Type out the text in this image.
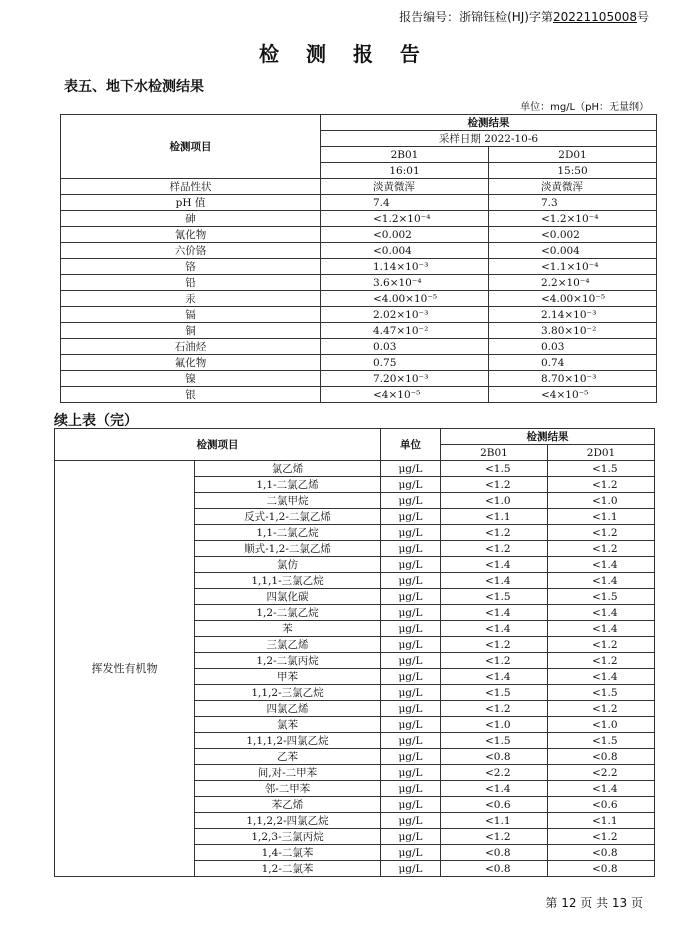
报告编号：浙锦钰检(HJ)字第20221105008号
检 测 报 告
表五、地下水检测结果
单位：mg/L（pH：无量纲）
检测项目	检测结果	
	采样日期 2022-10-6	
	2B01	2D01
	16:01	15:50
样品性状	淡黄微浑	淡黄微浑
pH 值	7.4	7.3
砷	<1.2×10⁻⁴	<1.2×10⁻⁴
氰化物	<0.002	<0.002
六价铬	<0.004	<0.004
铬	1.14×10⁻³	<1.1×10⁻⁴
铅	3.6×10⁻⁴	2.2×10⁻⁴
汞	<4.00×10⁻⁵	<4.00×10⁻⁵
镉	2.02×10⁻³	2.14×10⁻³
铜	4.47×10⁻²	3.80×10⁻²
石油烃	0.03	0.03
氟化物	0.75	0.74
镍	7.20×10⁻³	8.70×10⁻³
银	<4×10⁻⁵	<4×10⁻⁵
续上表（完）
检测项目		单位	检测结果	
			2B01	2D01
挥发性有机物	氯乙烯	μg/L	<1.5	<1.5
	1,1-二氯乙烯	μg/L	<1.2	<1.2
	二氯甲烷	μg/L	<1.0	<1.0
	反式-1,2-二氯乙烯	μg/L	<1.1	<1.1
	1,1-二氯乙烷	μg/L	<1.2	<1.2
	顺式-1,2-二氯乙烯	μg/L	<1.2	<1.2
	氯仿	μg/L	<1.4	<1.4
	1,1,1-三氯乙烷	μg/L	<1.4	<1.4
	四氯化碳	μg/L	<1.5	<1.5
	1,2-二氯乙烷	μg/L	<1.4	<1.4
	苯	μg/L	<1.4	<1.4
	三氯乙烯	μg/L	<1.2	<1.2
	1,2-二氯丙烷	μg/L	<1.2	<1.2
	甲苯	μg/L	<1.4	<1.4
	1,1,2-三氯乙烷	μg/L	<1.5	<1.5
	四氯乙烯	μg/L	<1.2	<1.2
	氯苯	μg/L	<1.0	<1.0
	1,1,1,2-四氯乙烷	μg/L	<1.5	<1.5
	乙苯	μg/L	<0.8	<0.8
	间,对-二甲苯	μg/L	<2.2	<2.2
	邻-二甲苯	μg/L	<1.4	<1.4
	苯乙烯	μg/L	<0.6	<0.6
	1,1,2,2-四氯乙烷	μg/L	<1.1	<1.1
	1,2,3-三氯丙烷	μg/L	<1.2	<1.2
	1,4-二氯苯	μg/L	<0.8	<0.8
	1,2-二氯苯	μg/L	<0.8	<0.8
第 12 页 共 13 页
